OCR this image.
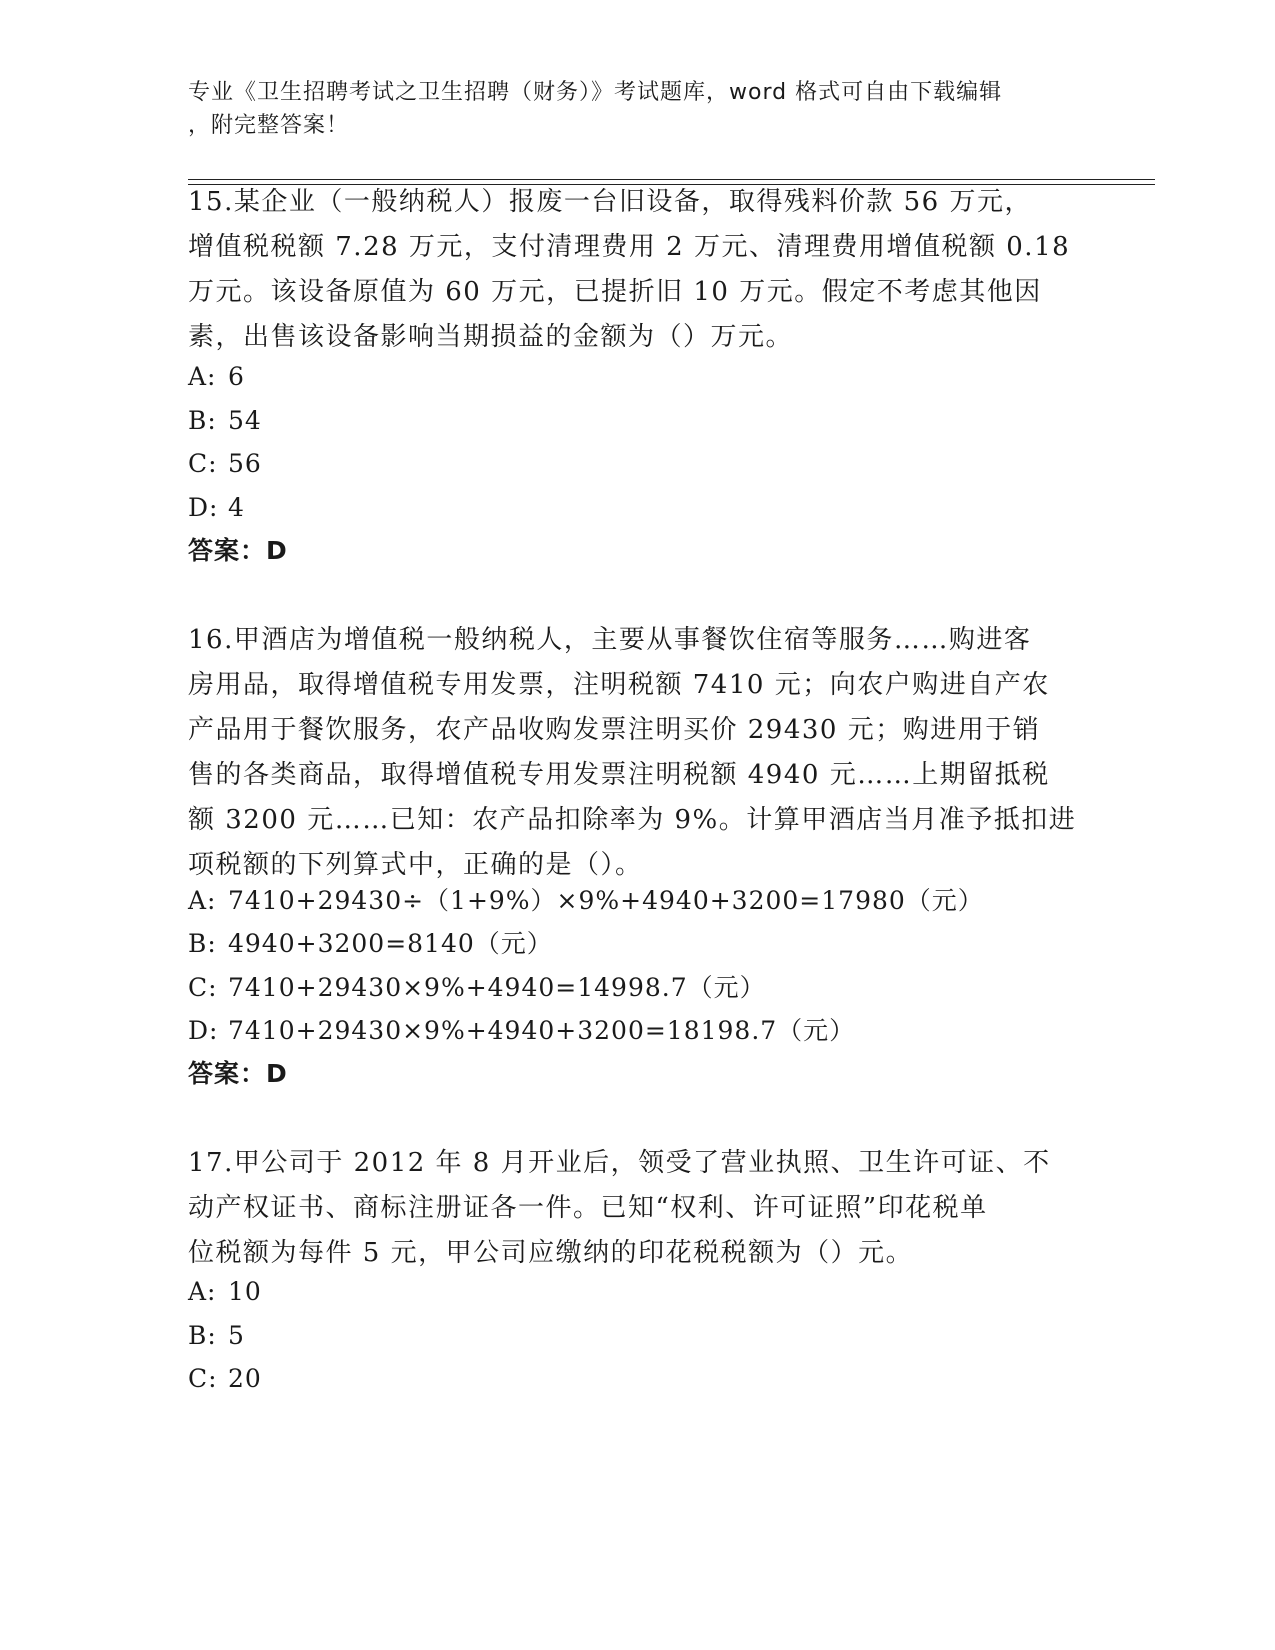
专业《卫生招聘考试之卫生招聘（财务）》考试题库，word 格式可自由下载编辑
，附完整答案！
15.某企业（一般纳税人）报废一台旧设备，取得残料价款 56 万元，
增值税税额 7.28 万元，支付清理费用 2 万元、清理费用增值税额 0.18
万元。该设备原值为 60 万元，已提折旧 10 万元。假定不考虑其他因
素，出售该设备影响当期损益的金额为（）万元。
A: 6
B: 54
C: 56
D: 4
答案：D
16.甲酒店为增值税一般纳税人，主要从事餐饮住宿等服务……购进客
房用品，取得增值税专用发票，注明税额 7410 元；向农户购进自产农
产品用于餐饮服务，农产品收购发票注明买价 29430 元；购进用于销
售的各类商品，取得增值税专用发票注明税额 4940 元……上期留抵税
额 3200 元……已知：农产品扣除率为 9%。计算甲酒店当月准予抵扣进
项税额的下列算式中，正确的是（）。
A: 7410+29430÷（1+9%）×9%+4940+3200=17980（元）
B: 4940+3200=8140（元）
C: 7410+29430×9%+4940=14998.7（元）
D: 7410+29430×9%+4940+3200=18198.7（元）
答案：D
17.甲公司于 2012 年 8 月开业后，领受了营业执照、卫生许可证、不
动产权证书、商标注册证各一件。已知“权利、许可证照”印花税单
位税额为每件 5 元，甲公司应缴纳的印花税税额为（）元。
A: 10
B: 5
C: 20
